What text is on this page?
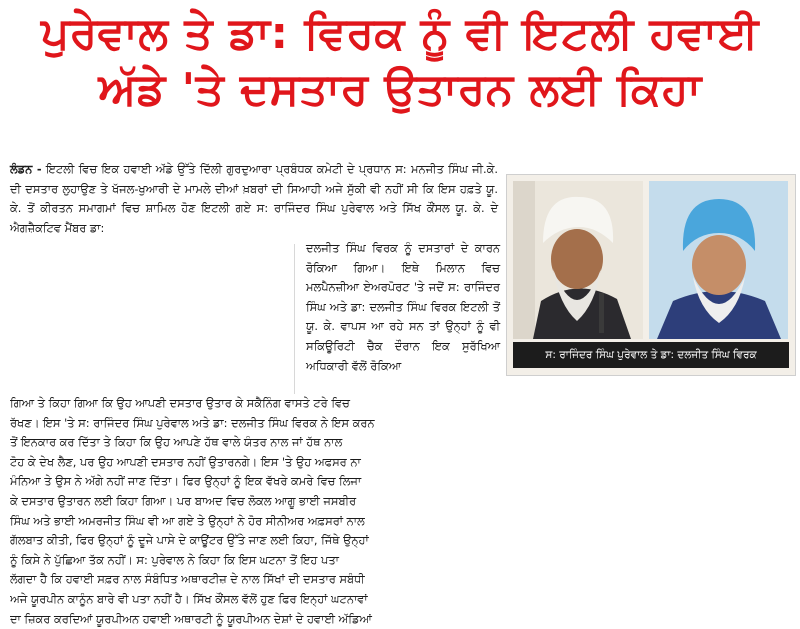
ਪੁਰੇਵਾਲ ਤੇ ਡਾ: ਵਿਰਕ ਨੂੰ ਵੀ ਇਟਲੀ ਹਵਾਈ
ਅੱਡੇ 'ਤੇ ਦਸਤਾਰ ਉਤਾਰਨ ਲਈ ਕਿਹਾ
ਲੰਡਨ - ਇਟਲੀ ਵਿਚ ਇਕ ਹਵਾਈ ਅੱਡੇ ਉੱਤੇ ਦਿੱਲੀ ਗੁਰਦੁਆਰਾ ਪ੍ਰਬੰਧਕ ਕਮੇਟੀ ਦੇ ਪ੍ਰਧਾਨ ਸ: ਮਨਜੀਤ ਸਿੰਘ ਜੀ.ਕੇ. ਦੀ ਦਸਤਾਰ ਲੁਹਾਉਣ ਤੇ ਖੱਜਲ-ਖੁਆਰੀ ਦੇ ਮਾਮਲੇ ਦੀਆਂ ਖ਼ਬਰਾਂ ਦੀ ਸਿਆਹੀ ਅਜੇ ਸੁੱਕੀ ਵੀ ਨਹੀਂ ਸੀ ਕਿ ਇਸ ਹਫ਼ਤੇ ਯੂ. ਕੇ. ਤੋਂ ਕੀਰਤਨ ਸਮਾਗਮਾਂ ਵਿਚ ਸ਼ਾਮਿਲ ਹੋਣ ਇਟਲੀ ਗਏ ਸ: ਰਾਜਿੰਦਰ ਸਿੰਘ ਪੁਰੇਵਾਲ ਅਤੇ ਸਿੱਖ ਕੌਂਸਲ ਯੂ. ਕੇ. ਦੇ ਐਗਜ਼ੈਕਟਿਵ ਮੈਂਬਰ ਡਾ:
ਸ: ਰਾਜਿੰਦਰ ਸਿੰਘ ਪੁਰੇਵਾਲ ਤੇ ਡਾ: ਦਲਜੀਤ ਸਿੰਘ ਵਿਰਕ
ਦਲਜੀਤ ਸਿੰਘ ਵਿਰਕ ਨੂੰ ਦਸਤਾਰਾਂ ਦੇ ਕਾਰਨ ਰੋਕਿਆ ਗਿਆ। ਇਥੇ ਮਿਲਾਨ ਵਿਚ ਮਲਪੈਨਜ਼ੀਆ ਏਅਰਪੋਰਟ 'ਤੇ ਜਦੋਂ ਸ: ਰਾਜਿੰਦਰ ਸਿੰਘ ਅਤੇ ਡਾ: ਦਲਜੀਤ ਸਿੰਘ ਵਿਰਕ ਇਟਲੀ ਤੋਂ ਯੂ. ਕੇ. ਵਾਪਸ ਆ ਰਹੇ ਸਨ ਤਾਂ ਉਨ੍ਹਾਂ ਨੂੰ ਵੀ ਸਕਿਊਰਿਟੀ ਚੈਕ ਦੌਰਾਨ ਇਕ ਸੁਰੱਖਿਆ ਅਧਿਕਾਰੀ ਵੱਲੋਂ ਰੋਕਿਆ
ਗਿਆ ਤੇ ਕਿਹਾ ਗਿਆ ਕਿ ਉਹ ਆਪਣੀ ਦਸਤਾਰ ਉਤਾਰ ਕੇ ਸਕੈਨਿੰਗ ਵਾਸਤੇ ਟਰੇ ਵਿਚ
ਰੱਖਣ। ਇਸ 'ਤੇ ਸ: ਰਾਜਿੰਦਰ ਸਿੰਘ ਪੁਰੇਵਾਲ ਅਤੇ ਡਾ: ਦਲਜੀਤ ਸਿੰਘ ਵਿਰਕ ਨੇ ਇਸ ਕਰਨ
ਤੋਂ ਇਨਕਾਰ ਕਰ ਦਿੱਤਾ ਤੇ ਕਿਹਾ ਕਿ ਉਹ ਆਪਣੇ ਹੱਥ ਵਾਲੇ ਯੰਤਰ ਨਾਲ ਜਾਂ ਹੱਥ ਨਾਲ
ਟੋਹ ਕੇ ਦੇਖ ਲੈਣ, ਪਰ ਉਹ ਆਪਣੀ ਦਸਤਾਰ ਨਹੀਂ ਉਤਾਰਨਗੇ। ਇਸ 'ਤੇ ਉਹ ਅਫਸਰ ਨਾ
ਮੰਨਿਆ ਤੇ ਉਸ ਨੇ ਅੱਗੇ ਨਹੀਂ ਜਾਣ ਦਿੱਤਾ। ਫਿਰ ਉਨ੍ਹਾਂ ਨੂੰ ਇਕ ਵੱਖਰੇ ਕਮਰੇ ਵਿਚ ਲਿਜਾ
ਕੇ ਦਸਤਾਰ ਉਤਾਰਨ ਲਈ ਕਿਹਾ ਗਿਆ। ਪਰ ਬਾਅਦ ਵਿਚ ਲੋਕਲ ਆਗੂ ਭਾਈ ਜਸਬੀਰ
ਸਿੰਘ ਅਤੇ ਭਾਈ ਅਮਰਜੀਤ ਸਿੰਘ ਵੀ ਆ ਗਏ ਤੇ ਉਨ੍ਹਾਂ ਨੇ ਹੋਰ ਸੀਨੀਅਰ ਅਫ਼ਸਰਾਂ ਨਾਲ
ਗੱਲਬਾਤ ਕੀਤੀ, ਫਿਰ ਉਨ੍ਹਾਂ ਨੂੰ ਦੂਜੇ ਪਾਸੇ ਦੇ ਕਾਊਂਟਰ ਉੱਤੇ ਜਾਣ ਲਈ ਕਿਹਾ, ਜਿੱਥੇ ਉਨ੍ਹਾਂ
ਨੂੰ ਕਿਸੇ ਨੇ ਪੁੱਛਿਆ ਤੱਕ ਨਹੀਂ। ਸ: ਪੁਰੇਵਾਲ ਨੇ ਕਿਹਾ ਕਿ ਇਸ ਘਟਨਾ ਤੋਂ ਇਹ ਪਤਾ
ਲੱਗਦਾ ਹੈ ਕਿ ਹਵਾਈ ਸਫ਼ਰ ਨਾਲ ਸੰਬੰਧਿਤ ਅਥਾਰਟੀਜ਼ ਦੇ ਨਾਲ ਸਿੱਖਾਂ ਦੀ ਦਸਤਾਰ ਸਬੰਧੀ
ਅਜੇ ਯੂਰਪੀਨ ਕਾਨੂੰਨ ਬਾਰੇ ਵੀ ਪਤਾ ਨਹੀਂ ਹੈ। ਸਿੱਖ ਕੌਂਸਲ ਵੱਲੋਂ ਹੁਣ ਫਿਰ ਇਨ੍ਹਾਂ ਘਟਨਾਵਾਂ
ਦਾ ਜ਼ਿਕਰ ਕਰਦਿਆਂ ਯੂਰਪੀਅਨ ਹਵਾਈ ਅਥਾਰਟੀ ਨੂੰ ਯੂਰਪੀਅਨ ਦੇਸ਼ਾਂ ਦੇ ਹਵਾਈ ਅੱਡਿਆਂ
